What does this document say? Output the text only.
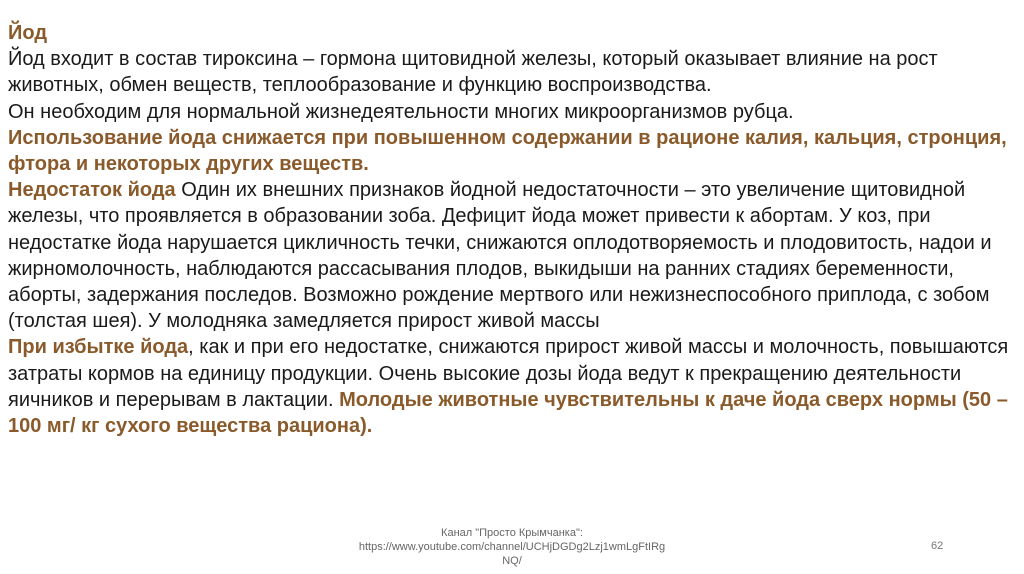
Йод

Йод входит в состав тироксина – гормона щитовидной железы, который оказывает влияние на рост животных, обмен веществ, теплообразование и функцию воспроизводства.

Он необходим для нормальной жизнедеятельности многих микроорганизмов рубца.

Использование йода снижается при повышенном содержании в рационе калия, кальция, стронция, фтора и некоторых других веществ.

Недостаток йода Один их внешних признаков йодной недостаточности – это увеличение щитовидной железы, что проявляется в образовании зоба. Дефицит йода может привести к абортам. У коз, при недостатке йода нарушается цикличность течки, снижаются оплодотворяемость и плодовитость, надои и жирномолочность, наблюдаются рассасывания плодов, выкидыши на ранних стадиях беременности, аборты, задержания последов. Возможно рождение мертвого или нежизнеспособного приплода, с зобом (толстая шея). У молодняка замедляется прирост живой массы

При избытке йода, как и при его недостатке, снижаются прирост живой массы и молочность, повышаются затраты кормов на единицу продукции. Очень высокие дозы йода ведут к прекращению деятельности яичников и перерывам в лактации. Молодые животные чувствительны к даче йода сверх нормы (50 – 100 мг/ кг сухого вещества рациона).

Канал "Просто Крымчанка":
https://www.youtube.com/channel/UCHjDGDg2Lzj1wmLgFtIRg
NQ/
62
